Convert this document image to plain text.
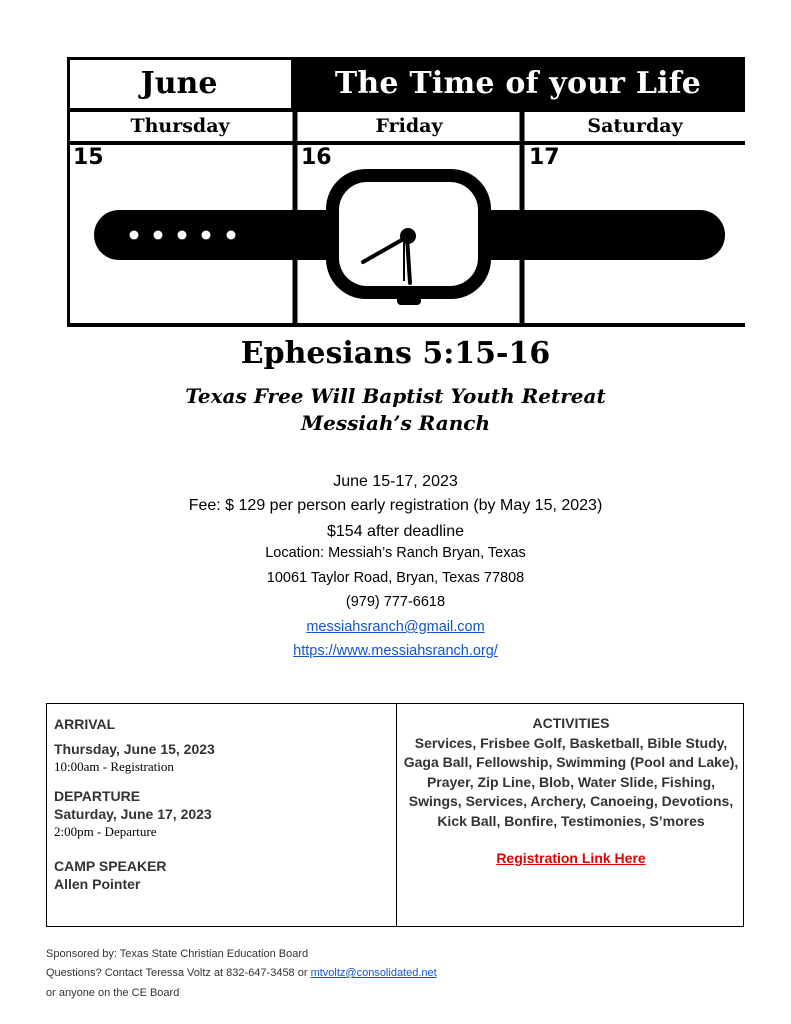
June	The Time of your Life
Thursday	Friday	Saturday
15	16	17
Ephesians 5:15-16
Texas Free Will Baptist Youth Retreat
Messiah’s Ranch
June 15-17, 2023
Fee: $ 129 per person early registration (by May 15, 2023)
$154 after deadline
Location: Messiah’s Ranch Bryan, Texas
10061 Taylor Road, Bryan, Texas 77808
(979) 777-6618
messiahsranch@gmail.com
https://www.messiahsranch.org/
ARRIVAL
Thursday, June 15, 2023
10:00am - Registration
DEPARTURE
Saturday, June 17, 2023
2:00pm - Departure
CAMP SPEAKER
Allen Pointer
ACTIVITIES
Services, Frisbee Golf, Basketball, Bible Study, Gaga Ball, Fellowship, Swimming (Pool and Lake), Prayer, Zip Line, Blob, Water Slide, Fishing, Swings, Services, Archery, Canoeing, Devotions, Kick Ball, Bonfire, Testimonies, S’mores
Registration Link Here
Sponsored by: Texas State Christian Education Board
Questions? Contact Teressa Voltz at 832-647-3458 or mtvoltz@consolidated.net
or anyone on the CE Board
